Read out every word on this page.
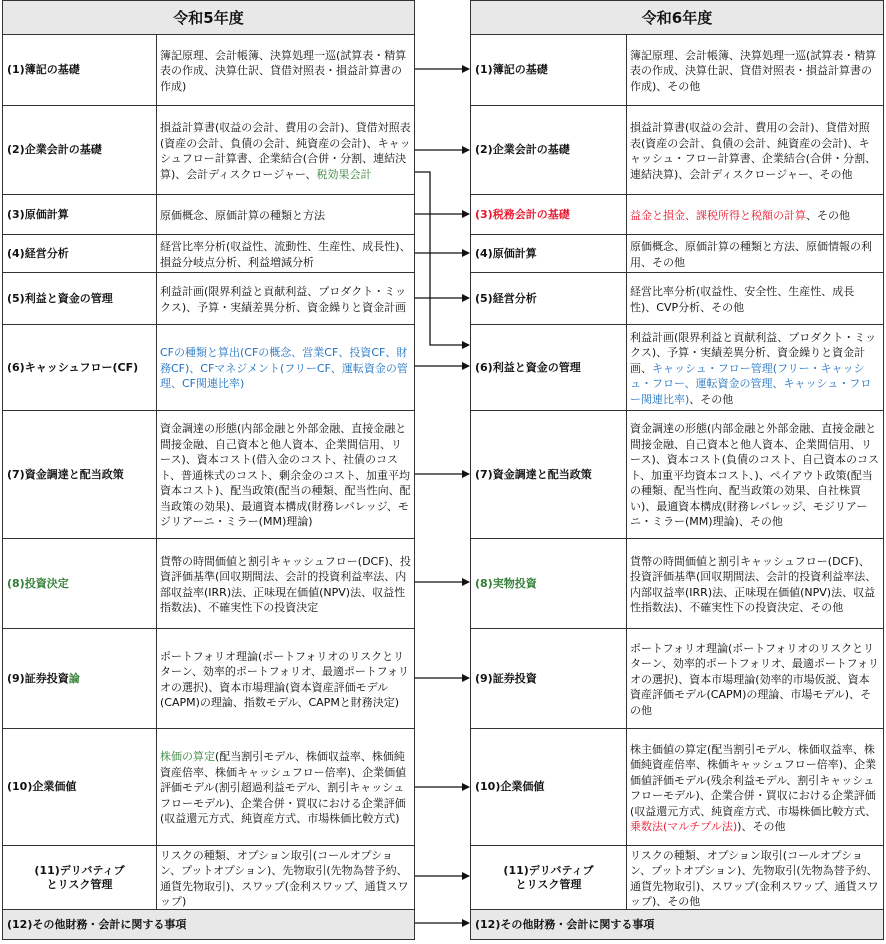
令和5年度
(1)簿記の基礎
簿記原理、会計帳簿、決算処理一巡(試算表・精算表の作成、決算仕訳、貸借対照表・損益計算書の作成)
(2)企業会計の基礎
損益計算書(収益の会計、費用の会計)、貸借対照表(資産の会計、負債の会計、純資産の会計)、キャッシュフロー計算書、企業結合(合併・分割、連結決算)、会計ディスクロージャー、税効果会計
(3)原価計算	原価概念、原価計算の種類と方法
(4)経営分析
経営比率分析(収益性、流動性、生産性、成長性)、損益分岐点分析、利益増減分析
(5)利益と資金の管理
利益計画(限界利益と貢献利益、プロダクト・ミックス)、予算・実績差異分析、資金繰りと資金計画
(6)キャッシュフロー(CF)
CFの種類と算出(CFの概念、営業CF、投資CF、財務CF)、CFマネジメント(フリーCF、運転資金の管理、CF関連比率)
(7)資金調達と配当政策
資金調達の形態(内部金融と外部金融、直接金融と間接金融、自己資本と他人資本、企業間信用、リース)、資本コスト(借入金のコスト、社債のコスト、普通株式のコスト、剰余金のコスト、加重平均資本コスト)、配当政策(配当の種類、配当性向、配当政策の効果)、最適資本構成(財務レバレッジ、モジリアーニ・ミラー(MM)理論)
(8)投資決定
貨幣の時間価値と割引キャッシュフロー(DCF)、投資評価基準(回収期間法、会計的投資利益率法、内部収益率(IRR)法、正味現在価値(NPV)法、収益性指数法)、不確実性下の投資決定
(9)証券投資論
ポートフォリオ理論(ポートフォリオのリスクとリターン、効率的ポートフォリオ、最適ポートフォリオの選択)、資本市場理論(資本資産評価モデル(CAPM)の理論、指数モデル、CAPMと財務決定)
(10)企業価値
株価の算定(配当割引モデル、株価収益率、株価純資産倍率、株価キャッシュフロー倍率)、企業価値評価モデル(割引超過利益モデル、割引キャッシュフローモデル)、企業合併・買収における企業評価(収益還元方式、純資産方式、市場株価比較方式)
(11)デリバティブ
とリスク管理
リスクの種類、オプション取引(コールオプション、プットオプション)、先物取引(先物為替予約、通貨先物取引)、スワップ(金利スワップ、通貨スワップ)
(12)その他財務・会計に関する事項
令和6年度
(1)簿記の基礎
簿記原理、会計帳簿、決算処理一巡(試算表・精算表の作成、決算仕訳、貸借対照表・損益計算書の作成)、その他
(2)企業会計の基礎
損益計算書(収益の会計、費用の会計)、貸借対照表(資産の会計、負債の会計、純資産の会計)、キャッシュ・フロー計算書、企業結合(合併・分割、連結決算)、会計ディスクロージャー、その他
(3)税務会計の基礎	益金と損金、課税所得と税額の計算、その他
(4)原価計算
原価概念、原価計算の種類と方法、原価情報の利用、その他
(5)経営分析
経営比率分析(収益性、安全性、生産性、成長性)、CVP分析、その他
(6)利益と資金の管理
利益計画(限界利益と貢献利益、プロダクト・ミックス)、予算・実績差異分析、資金繰りと資金計画、キャッシュ・フロー管理(フリー・キャッシュ・フロー、運転資金の管理、キャッシュ・フロー関連比率)、その他
(7)資金調達と配当政策
資金調達の形態(内部金融と外部金融、直接金融と間接金融、自己資本と他人資本、企業間信用、リース)、資本コスト(負債のコスト、自己資本のコスト、加重平均資本コスト、)、ペイアウト政策(配当の種類、配当性向、配当政策の効果、自社株買い)、最適資本構成(財務レバレッジ、モジリアーニ・ミラー(MM)理論)、その他
(8)実物投資
貨幣の時間価値と割引キャッシュフロー(DCF)、投資評価基準(回収期間法、会計的投資利益率法、内部収益率(IRR)法、正味現在価値(NPV)法、収益性指数法)、不確実性下の投資決定、その他
(9)証券投資
ポートフォリオ理論(ポートフォリオのリスクとリターン、効率的ポートフォリオ、最適ポートフォリオの選択)、資本市場理論(効率的市場仮説、資本資産評価モデル(CAPM)の理論、市場モデル)、その他
(10)企業価値
株主価値の算定(配当割引モデル、株価収益率、株価純資産倍率、株価キャッシュフロー倍率)、企業価値評価モデル(残余利益モデル、割引キャッシュフローモデル)、企業合併・買収における企業評価(収益還元方式、純資産方式、市場株価比較方式、乗数法(マルチプル法))、その他
(11)デリバティブ
とリスク管理
リスクの種類、オプション取引(コールオプション、プットオプション)、先物取引(先物為替予約、通貨先物取引)、スワップ(金利スワップ、通貨スワップ)、その他
(12)その他財務・会計に関する事項
